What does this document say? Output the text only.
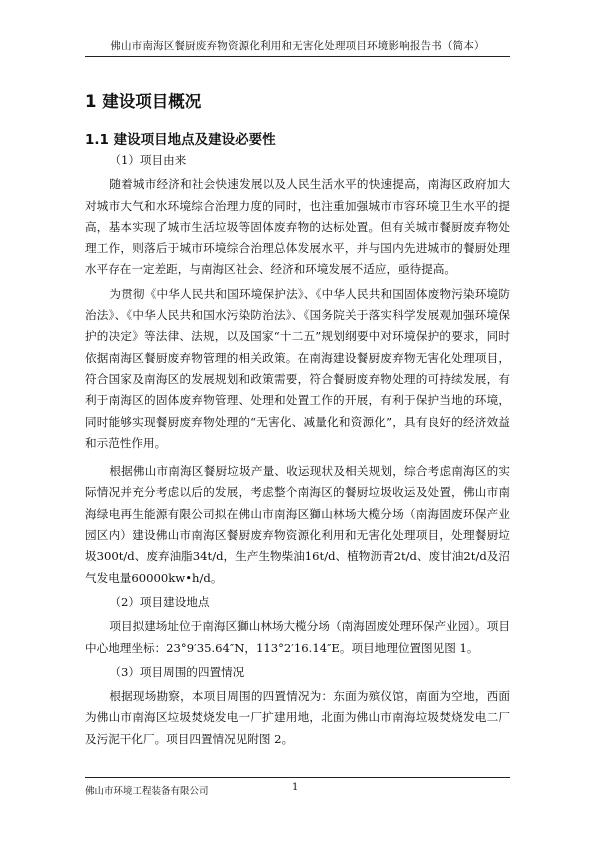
佛山市南海区餐厨废弃物资源化利用和无害化处理项目环境影响报告书（简本）
1 建设项目概况
1.1 建设项目地点及建设必要性

（1）项目由来

随着城市经济和社会快速发展以及人民生活水平的快速提高，南海区政府加大对城市大气和水环境综合治理力度的同时，也注重加强城市市容环境卫生水平的提高，基本实现了城市生活垃圾等固体废弃物的达标处置。但有关城市餐厨废弃物处理工作，则落后于城市环境综合治理总体发展水平，并与国内先进城市的餐厨处理水平存在一定差距，与南海区社会、经济和环境发展不适应，亟待提高。

为贯彻《中华人民共和国环境保护法》、《中华人民共和国固体废物污染环境防治法》、《中华人民共和国水污染防治法》、《国务院关于落实科学发展观加强环境保护的决定》等法律、法规，以及国家“十二五”规划纲要中对环境保护的要求，同时依据南海区餐厨废弃物管理的相关政策。在南海建设餐厨废弃物无害化处理项目，符合国家及南海区的发展规划和政策需要，符合餐厨废弃物处理的可持续发展，有利于南海区的固体废弃物管理、处理和处置工作的开展，有利于保护当地的环境，同时能够实现餐厨废弃物处理的“无害化、减量化和资源化”，具有良好的经济效益和示范性作用。

根据佛山市南海区餐厨垃圾产量、收运现状及相关规划，综合考虑南海区的实际情况并充分考虑以后的发展，考虑整个南海区的餐厨垃圾收运及处置，佛山市南海绿电再生能源有限公司拟在佛山市南海区獅山林场大榄分场（南海固废环保产业园区内）建设佛山市南海区餐厨废弃物资源化利用和无害化处理项目，处理餐厨垃圾300t/d、废弃油脂34t/d，生产生物柴油16t/d、植物沥青2t/d、废甘油2t/d及沼气发电量60000kw•h/d。

（2）项目建设地点

项目拟建场址位于南海区獅山林场大榄分场（南海固废处理环保产业园）。项目中心地理坐标：23°9′35.64″N，113°2′16.14″E。项目地理位置图见图 1。

（3）项目周围的四置情况

根据现场勘察，本项目周围的四置情况为：东面为殡仪馆，南面为空地，西面为佛山市南海区垃圾焚烧发电一厂扩建用地，北面为佛山市南海垃圾焚烧发电二厂及污泥干化厂。项目四置情况见附图 2。

佛山市环境工程装备有限公司	1
